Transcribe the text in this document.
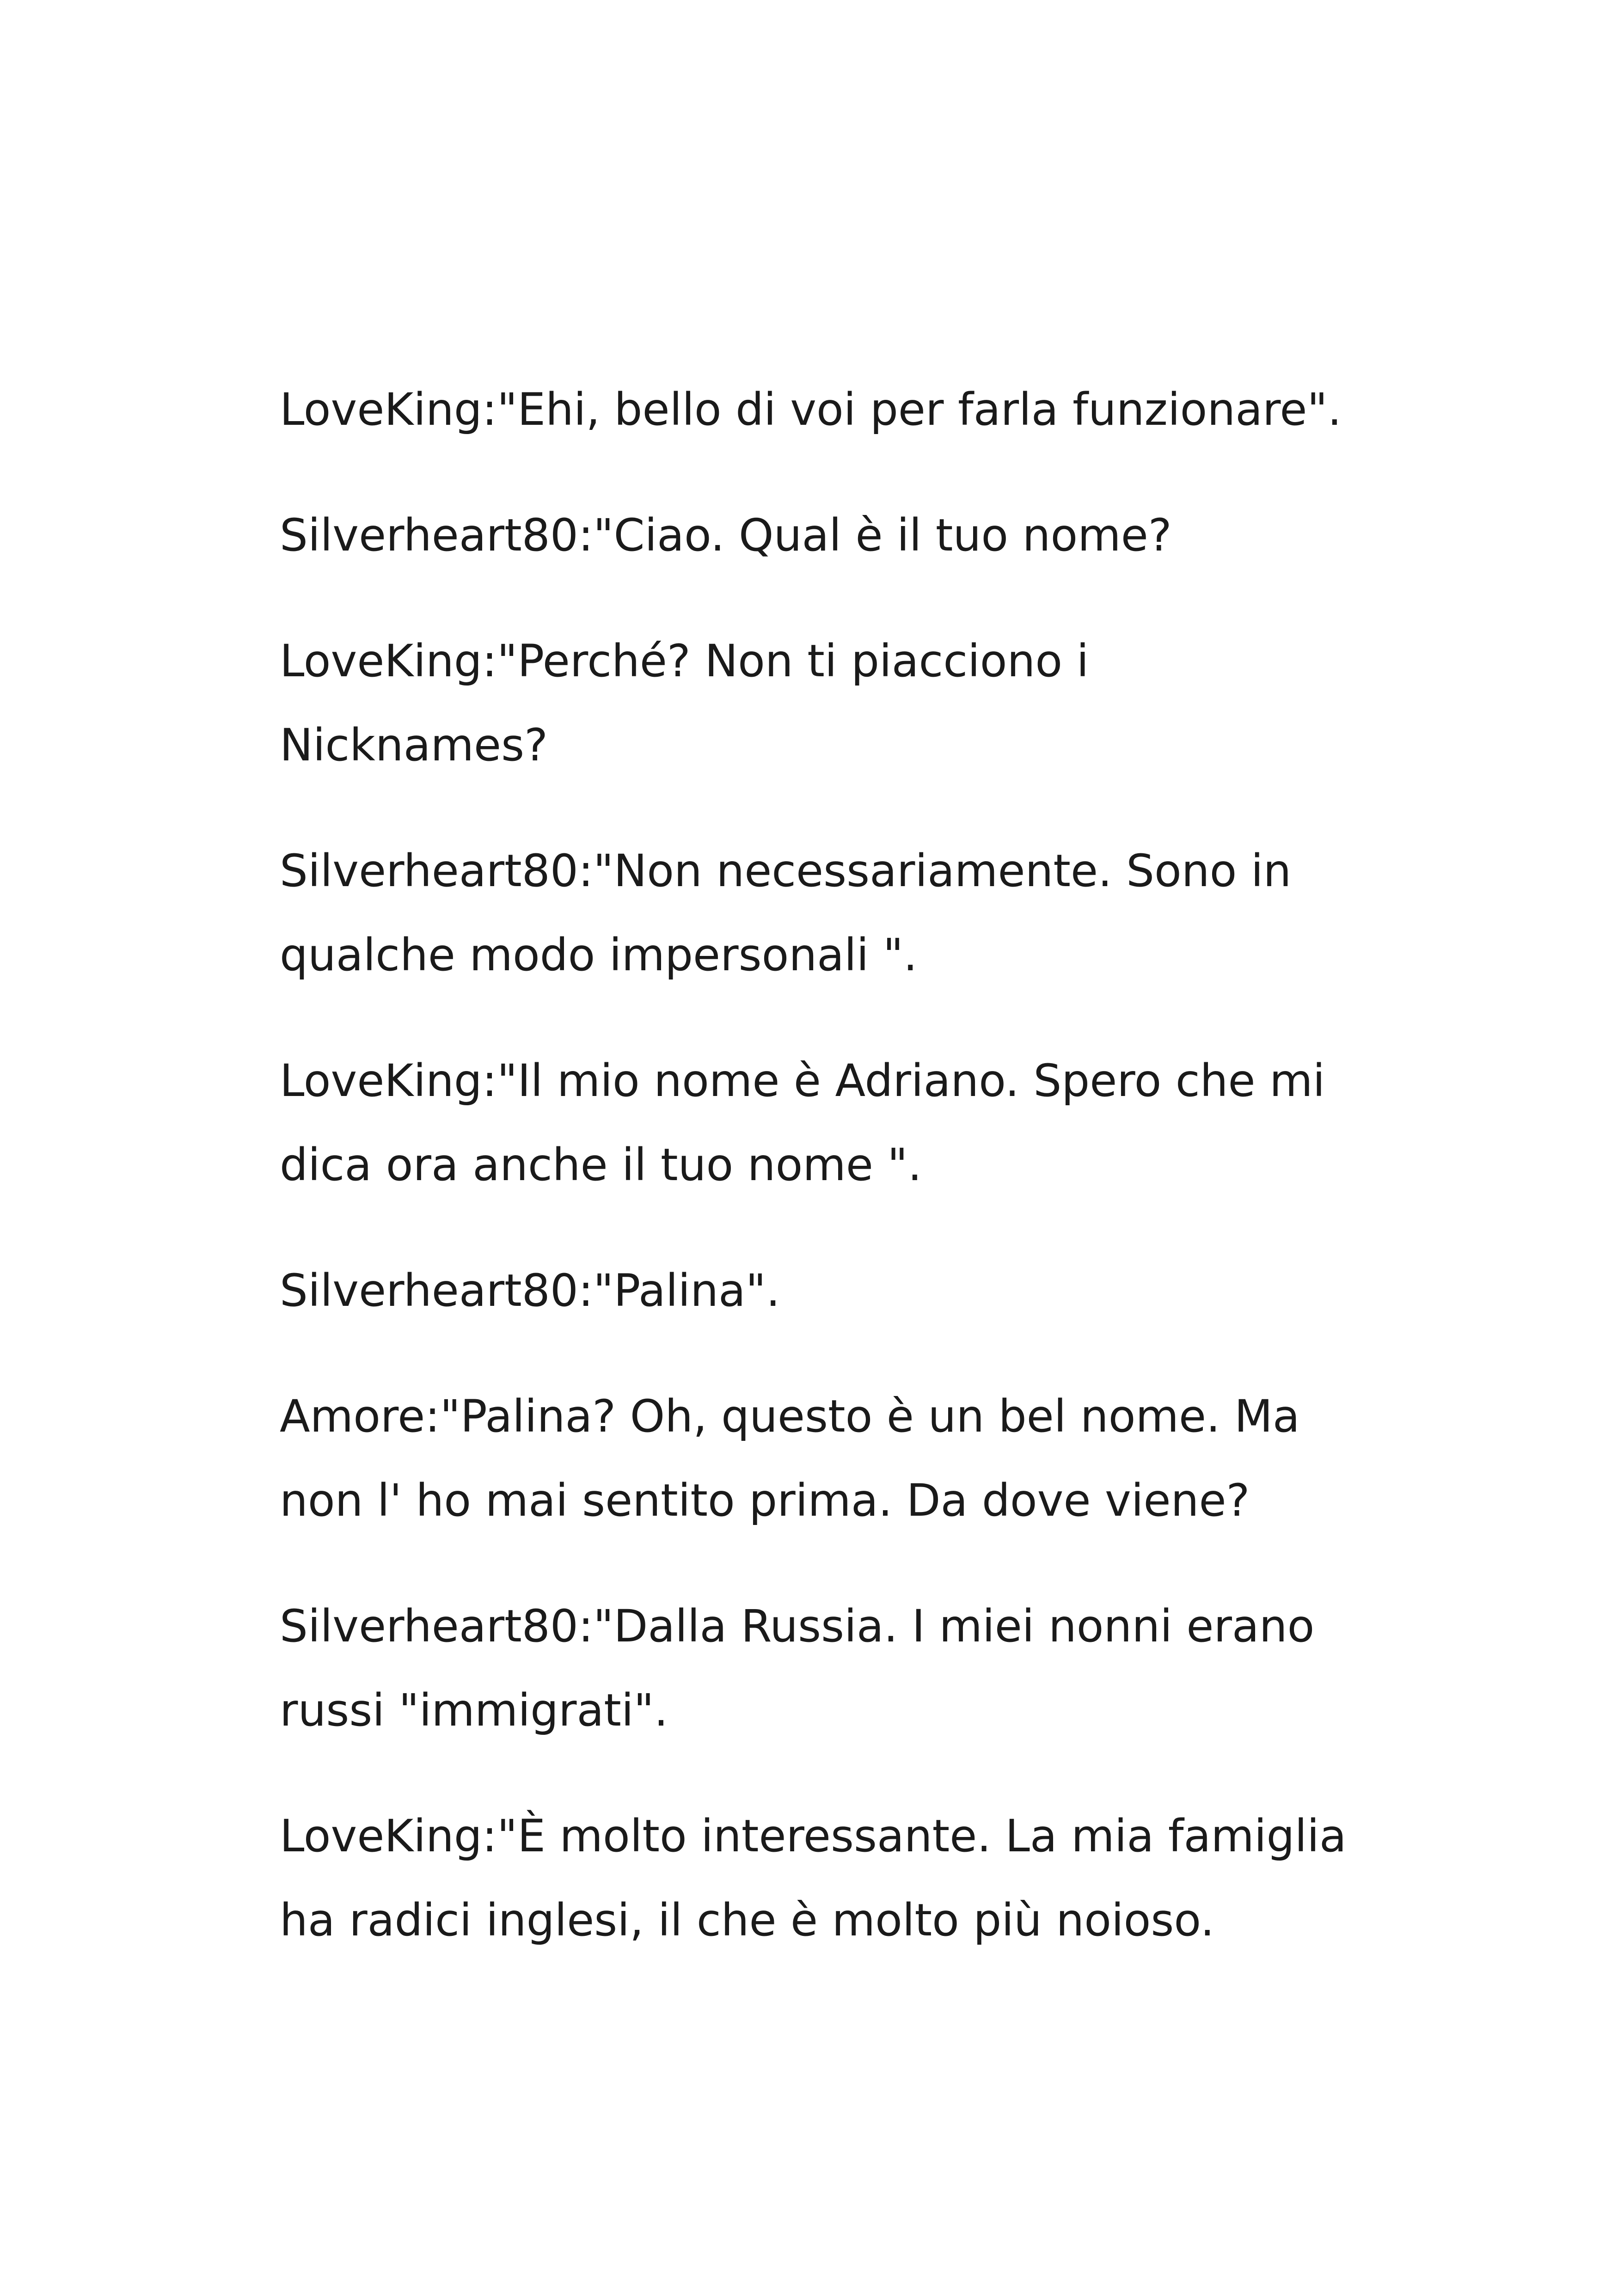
LoveKing:"Ehi, bello di voi per farla funzionare".

Silverheart80:"Ciao. Qual è il tuo nome?

LoveKing:"Perché? Non ti piacciono i
Nicknames?

Silverheart80:"Non necessariamente. Sono in
qualche modo impersonali ".

LoveKing:"Il mio nome è Adriano. Spero che mi
dica ora anche il tuo nome ".

Silverheart80:"Palina".

Amore:"Palina? Oh, questo è un bel nome. Ma
non l' ho mai sentito prima. Da dove viene?

Silverheart80:"Dalla Russia. I miei nonni erano
russi "immigrati".

LoveKing:"È molto interessante. La mia famiglia
ha radici inglesi, il che è molto più noioso.
